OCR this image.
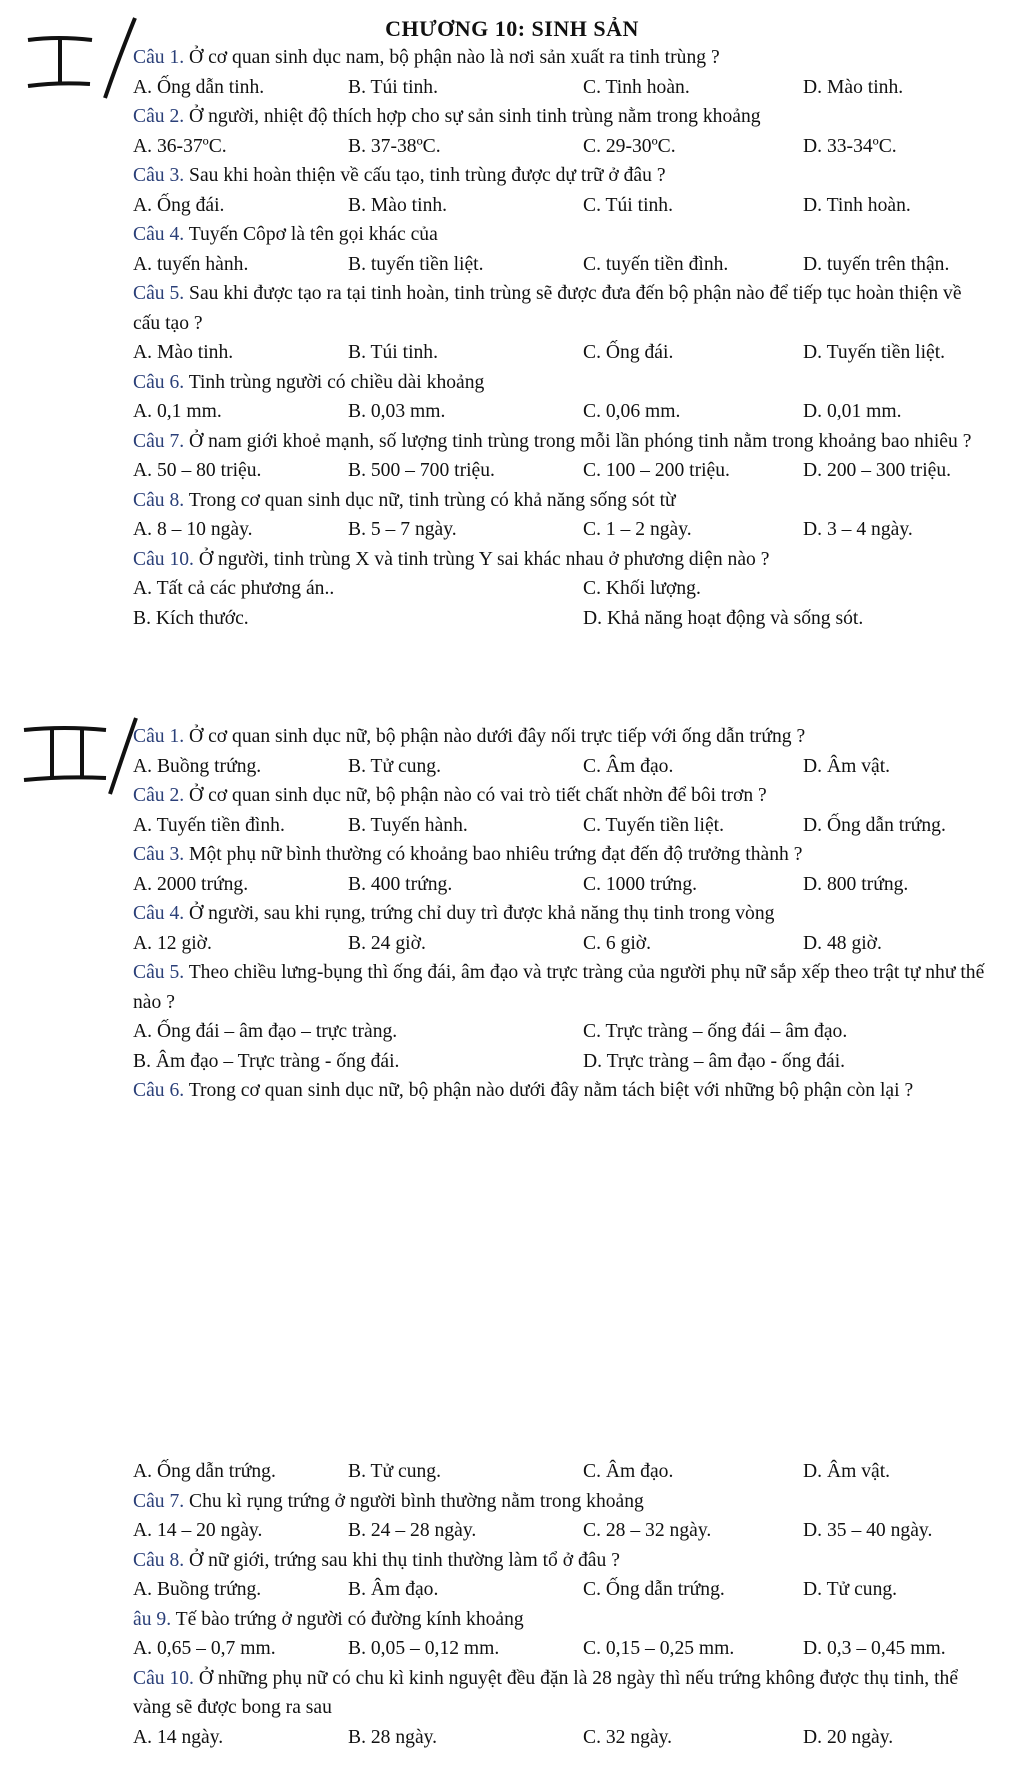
CHƯƠNG 10: SINH SẢN

Câu 1. Ở cơ quan sinh dục nam, bộ phận nào là nơi sản xuất ra tinh trùng ?

A. Ống dẫn tinh.	B. Túi tinh.	C. Tinh hoàn.	D. Mào tinh.

Câu 2. Ở người, nhiệt độ thích hợp cho sự sản sinh tinh trùng nằm trong khoảng

A. 36-37ºC.	B. 37-38ºC.	C. 29-30ºC.	D. 33-34ºC.

Câu 3. Sau khi hoàn thiện về cấu tạo, tinh trùng được dự trữ ở đâu ?

A. Ống đái.	B. Mào tinh.	C. Túi tinh.	D. Tinh hoàn.

Câu 4. Tuyến Côpơ là tên gọi khác của

A. tuyến hành.	B. tuyến tiền liệt.	C. tuyến tiền đình.	D. tuyến trên thận.

Câu 5. Sau khi được tạo ra tại tinh hoàn, tinh trùng sẽ được đưa đến bộ phận nào để tiếp tục hoàn thiện về cấu tạo ?

A. Mào tinh.	B. Túi tinh.	C. Ống đái.	D. Tuyến tiền liệt.

Câu 6. Tinh trùng người có chiều dài khoảng

A. 0,1 mm.	B. 0,03 mm.	C. 0,06 mm.	D. 0,01 mm.

Câu 7. Ở nam giới khoẻ mạnh, số lượng tinh trùng trong mỗi lần phóng tinh nằm trong khoảng bao nhiêu ?

A. 50 – 80 triệu.	B. 500 – 700 triệu.	C. 100 – 200 triệu.	D. 200 – 300 triệu.

Câu 8. Trong cơ quan sinh dục nữ, tinh trùng có khả năng sống sót từ

A. 8 – 10 ngày.	B. 5 – 7 ngày.	C. 1 – 2 ngày.	D. 3 – 4 ngày.

Câu 10. Ở người, tinh trùng X và tinh trùng Y sai khác nhau ở phương diện nào ?

A. Tất cả các phương án..	C. Khối lượng.
B. Kích thước.	D. Khả năng hoạt động và sống sót.

Câu 1. Ở cơ quan sinh dục nữ, bộ phận nào dưới đây nối trực tiếp với ống dẫn trứng ?

A. Buồng trứng.	B. Tử cung.	C. Âm đạo.	D. Âm vật.

Câu 2. Ở cơ quan sinh dục nữ, bộ phận nào có vai trò tiết chất nhờn để bôi trơn ?

A. Tuyến tiền đình.	B. Tuyến hành.	C. Tuyến tiền liệt.	D. Ống dẫn trứng.

Câu 3. Một phụ nữ bình thường có khoảng bao nhiêu trứng đạt đến độ trưởng thành ?

A. 2000 trứng.	B. 400 trứng.	C. 1000 trứng.	D. 800 trứng.

Câu 4. Ở người, sau khi rụng, trứng chỉ duy trì được khả năng thụ tinh trong vòng

A. 12 giờ.	B. 24 giờ.	C. 6 giờ.	D. 48 giờ.

Câu 5. Theo chiều lưng-bụng thì ống đái, âm đạo và trực tràng của người phụ nữ sắp xếp theo trật tự như thế nào ?

A. Ống đái – âm đạo – trực tràng.	C. Trực tràng – ống đái – âm đạo.
B. Âm đạo – Trực tràng - ống đái.	D. Trực tràng – âm đạo - ống đái.

Câu 6. Trong cơ quan sinh dục nữ, bộ phận nào dưới đây nằm tách biệt với những bộ phận còn lại ?

A. Ống dẫn trứng.	B. Tử cung.	C. Âm đạo.	D. Âm vật.

Câu 7. Chu kì rụng trứng ở người bình thường nằm trong khoảng

A. 14 – 20 ngày.	B. 24 – 28 ngày.	C. 28 – 32 ngày.	D. 35 – 40 ngày.

Câu 8. Ở nữ giới, trứng sau khi thụ tinh thường làm tổ ở đâu ?

A. Buồng trứng.	B. Âm đạo.	C. Ống dẫn trứng.	D. Tử cung.

âu 9. Tế bào trứng ở người có đường kính khoảng

A. 0,65 – 0,7 mm.	B. 0,05 – 0,12 mm.	C. 0,15 – 0,25 mm.	D. 0,3 – 0,45 mm.

Câu 10. Ở những phụ nữ có chu kì kinh nguyệt đều đặn là 28 ngày thì nếu trứng không được thụ tinh, thể vàng sẽ được bong ra sau

A. 14 ngày.	B. 28 ngày.	C. 32 ngày.	D. 20 ngày.
